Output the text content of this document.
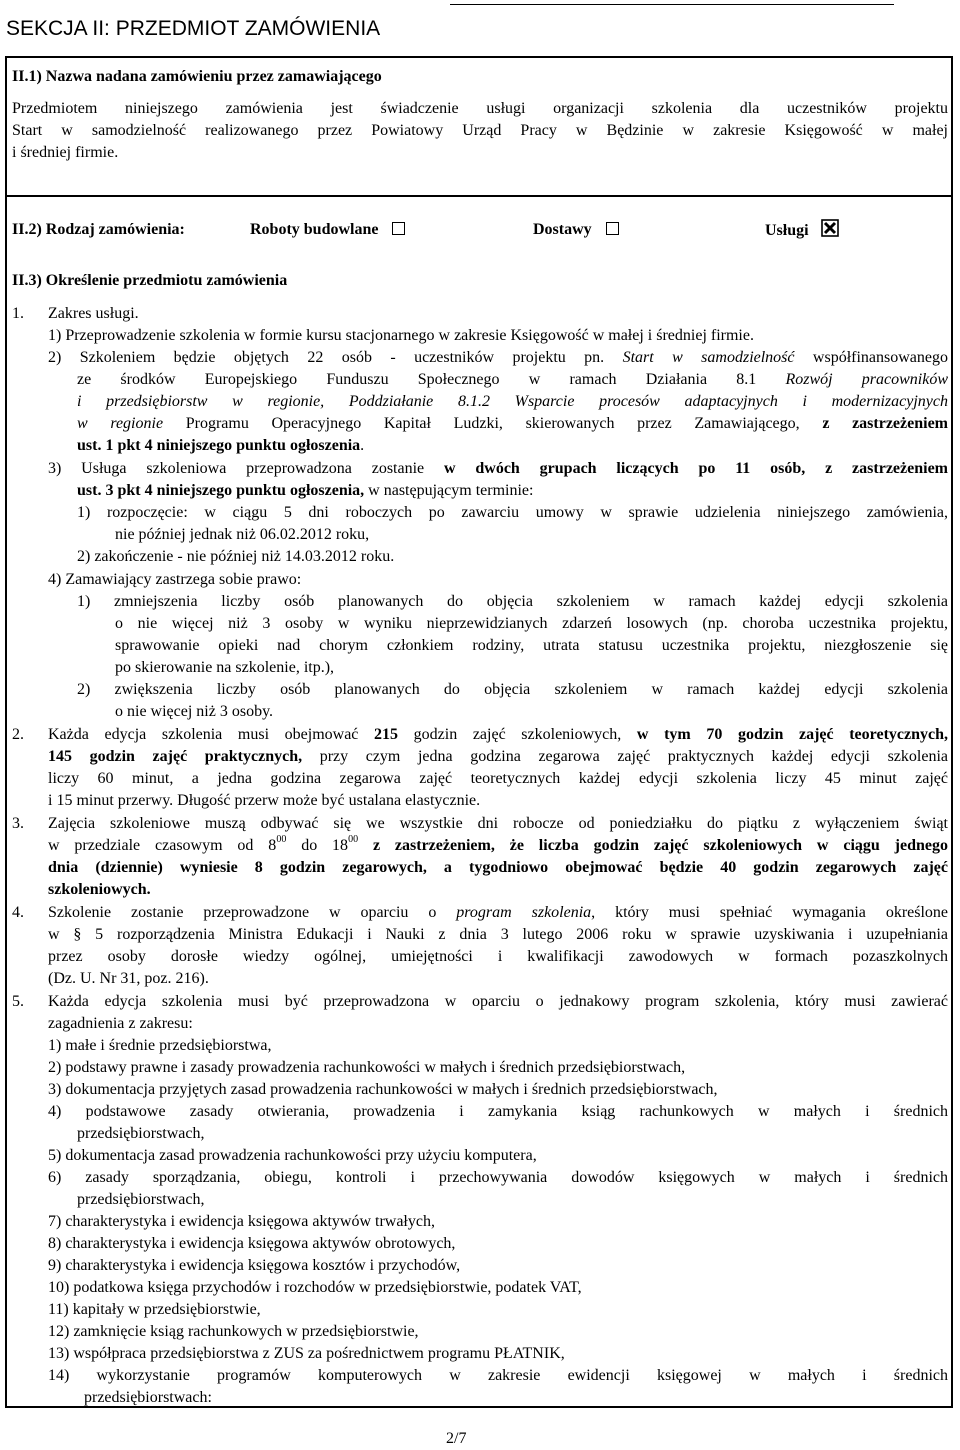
SEKCJA II: PRZEDMIOT ZAMÓWIENIA
II.1) Nazwa nadana zamówieniu przez zamawiającego
Przedmiotem niniejszego zamówienia jest świadczenie usługi organizacji szkolenia dla uczestników projektu
Start w samodzielność realizowanego przez Powiatowy Urząd Pracy w Będzinie w zakresie Księgowość w małej
i średniej firmie.
II.2) Rodzaj zamówienia:	Roboty budowlane	Dostawy	Usługi
II.3) Określenie przedmiotu zamówienia
1. Zakres usługi.
1) Przeprowadzenie szkolenia w formie kursu stacjonarnego w zakresie Księgowość w małej i średniej firmie.
2) Szkoleniem będzie objętych 22 osób - uczestników projektu pn. Start w samodzielność współfinansowanego
ze środków Europejskiego Funduszu Społecznego w ramach Działania 8.1 Rozwój pracowników
i przedsiębiorstw w regionie, Poddziałanie 8.1.2 Wsparcie procesów adaptacyjnych i modernizacyjnych
w regionie Programu Operacyjnego Kapitał Ludzki, skierowanych przez Zamawiającego, z zastrzeżeniem
ust. 1 pkt 4 niniejszego punktu ogłoszenia.
3) Usługa szkoleniowa przeprowadzona zostanie w dwóch grupach liczących po 11 osób, z zastrzeżeniem
ust. 3 pkt 4 niniejszego punktu ogłoszenia, w następującym terminie:
1) rozpoczęcie: w ciągu 5 dni roboczych po zawarciu umowy w sprawie udzielenia niniejszego zamówienia,
nie później jednak niż 06.02.2012 roku,
2) zakończenie - nie później niż 14.03.2012 roku.
4) Zamawiający zastrzega sobie prawo:
1) zmniejszenia liczby osób planowanych do objęcia szkoleniem w ramach każdej edycji szkolenia
o nie więcej niż 3 osoby w wyniku nieprzewidzianych zdarzeń losowych (np. choroba uczestnika projektu,
sprawowanie opieki nad chorym członkiem rodziny, utrata statusu uczestnika projektu, niezgłoszenie się
po skierowanie na szkolenie, itp.),
2) zwiększenia liczby osób planowanych do objęcia szkoleniem w ramach każdej edycji szkolenia
o nie więcej niż 3 osoby.
2. Każda edycja szkolenia musi obejmować 215 godzin zajęć szkoleniowych, w tym 70 godzin zajęć teoretycznych,
145 godzin zajęć praktycznych, przy czym jedna godzina zegarowa zajęć praktycznych każdej edycji szkolenia
liczy 60 minut, a jedna godzina zegarowa zajęć teoretycznych każdej edycji szkolenia liczy 45 minut zajęć
i 15 minut przerwy. Długość przerw może być ustalana elastycznie.
3. Zajęcia szkoleniowe muszą odbywać się we wszystkie dni robocze od poniedziałku do piątku z wyłączeniem świąt
w przedziale czasowym od $8^{00}$ do $18^{00}$ z zastrzeżeniem, że liczba godzin zajęć szkoleniowych w ciągu jednego
dnia (dziennie) wyniesie 8 godzin zegarowych, a tygodniowo obejmować będzie 40 godzin zegarowych zajęć
szkoleniowych.
4. Szkolenie zostanie przeprowadzone w oparciu o program szkolenia, który musi spełniać wymagania określone
w § 5 rozporządzenia Ministra Edukacji i Nauki z dnia 3 lutego 2006 roku w sprawie uzyskiwania i uzupełniania
przez osoby dorosłe wiedzy ogólnej, umiejętności i kwalifikacji zawodowych w formach pozaszkolnych
(Dz. U. Nr 31, poz. 216).
5. Każda edycja szkolenia musi być przeprowadzona w oparciu o jednakowy program szkolenia, który musi zawierać
zagadnienia z zakresu:
1) małe i średnie przedsiębiorstwa,
2) podstawy prawne i zasady prowadzenia rachunkowości w małych i średnich przedsiębiorstwach,
3) dokumentacja przyjętych zasad prowadzenia rachunkowości w małych i średnich przedsiębiorstwach,
4) podstawowe zasady otwierania, prowadzenia i zamykania ksiąg rachunkowych w małych i średnich
przedsiębiorstwach,
5) dokumentacja zasad prowadzenia rachunkowości przy użyciu komputera,
6) zasady sporządzania, obiegu, kontroli i przechowywania dowodów księgowych w małych i średnich
przedsiębiorstwach,
7) charakterystyka i ewidencja księgowa aktywów trwałych,
8) charakterystyka i ewidencja księgowa aktywów obrotowych,
9) charakterystyka i ewidencja księgowa kosztów i przychodów,
10) podatkowa księga przychodów i rozchodów w przedsiębiorstwie, podatek VAT,
11) kapitały w przedsiębiorstwie,
12) zamknięcie ksiąg rachunkowych w przedsiębiorstwie,
13) współpraca przedsiębiorstwa z ZUS za pośrednictwem programu PŁATNIK,
14) wykorzystanie programów komputerowych w zakresie ewidencji księgowej w małych i średnich
przedsiębiorstwach:
2/7
